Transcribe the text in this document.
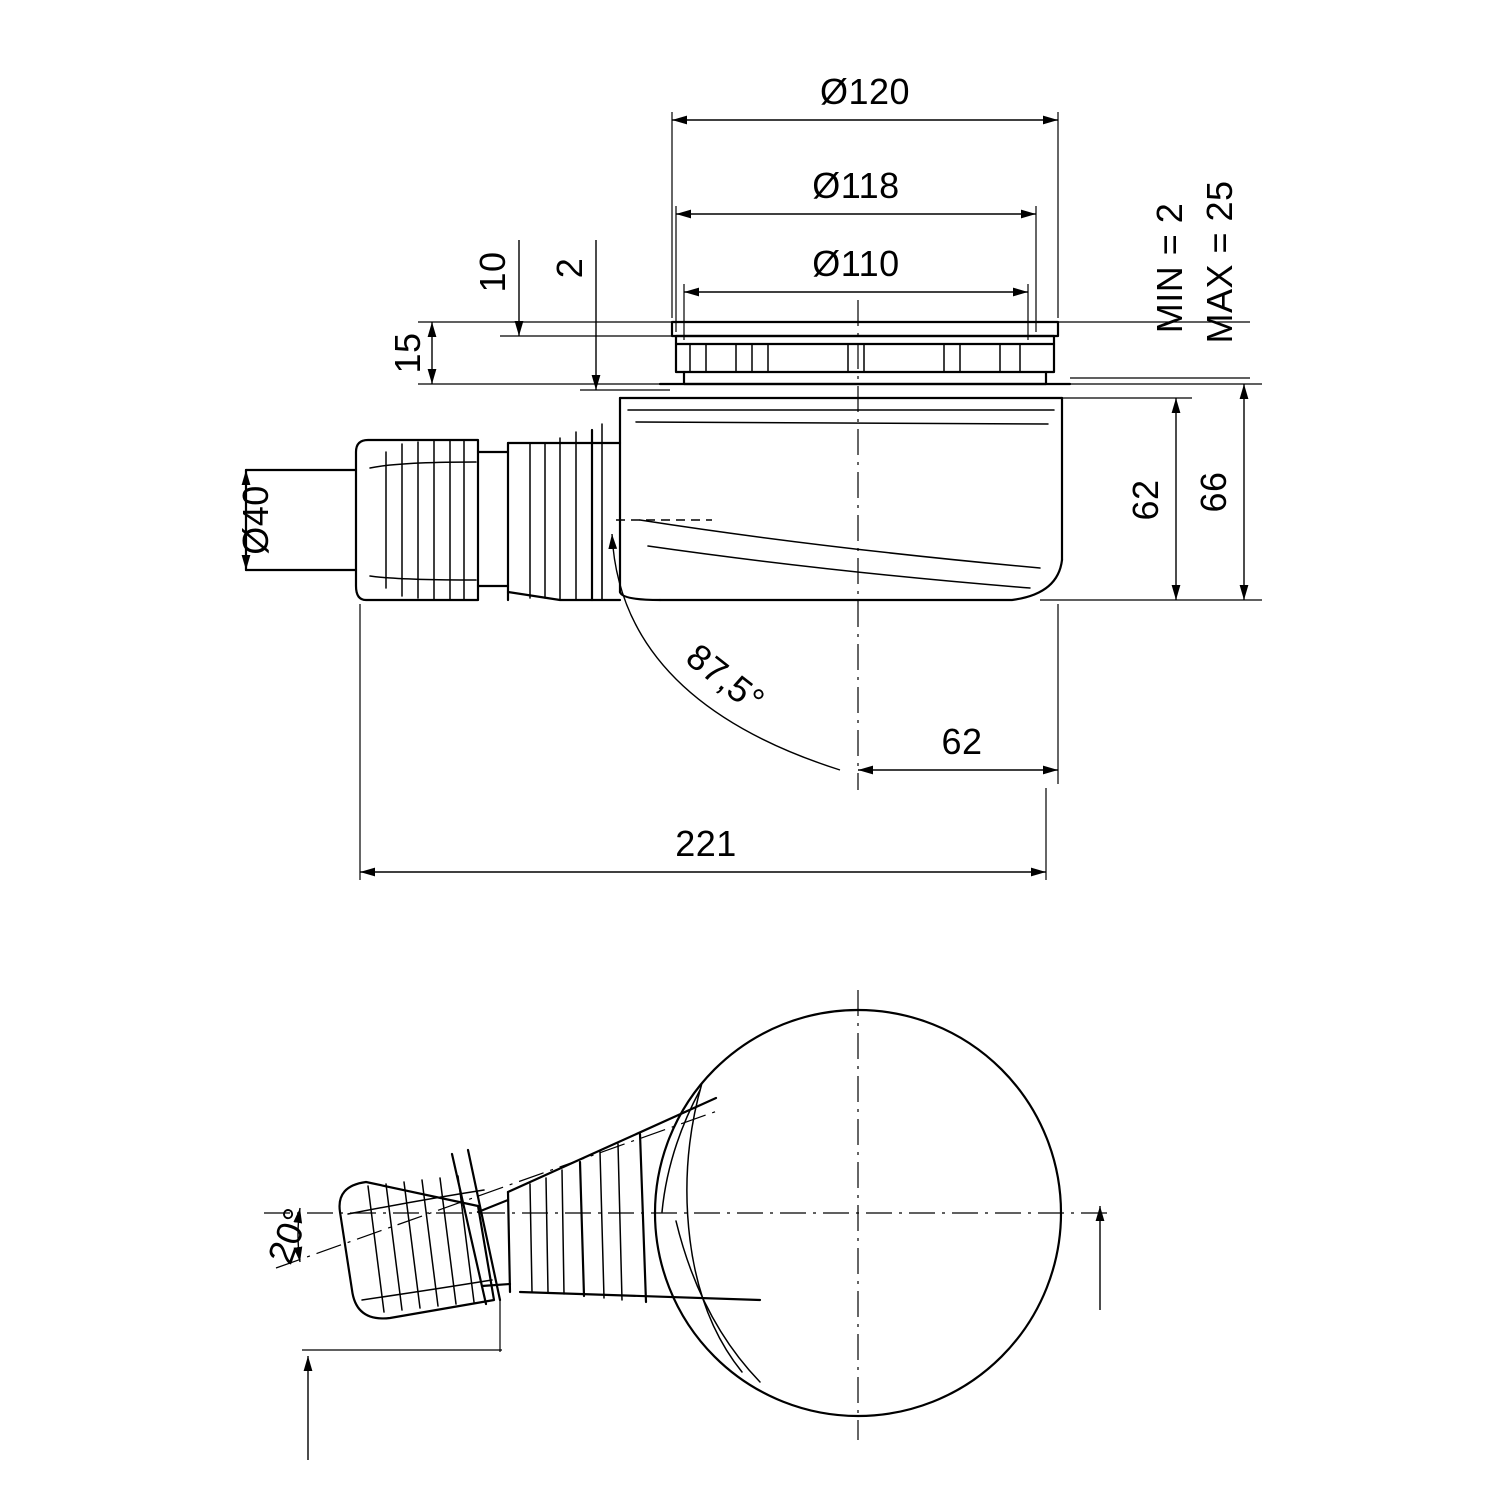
Ø120
Ø118
Ø110
15
10 2
Ø40	62 66
MIN = 2 MAX = 25
87,5°
62
221
20°
